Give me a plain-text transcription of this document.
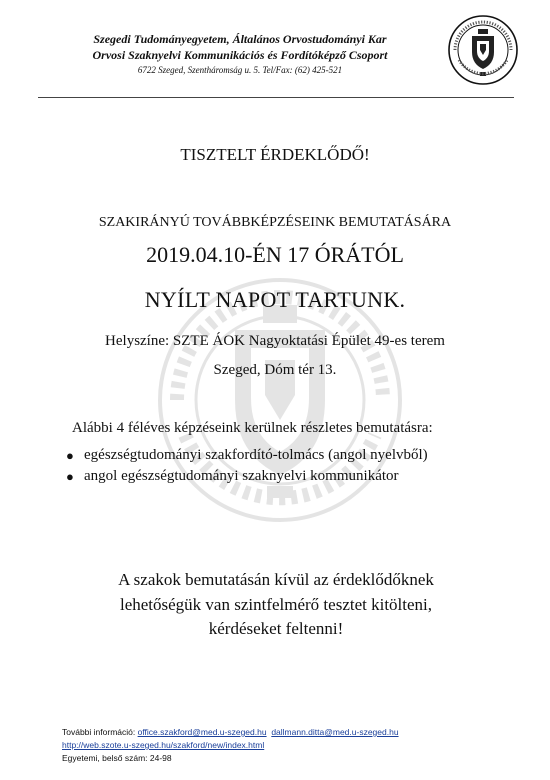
Szegedi Tudományegyetem, Általános Orvostudományi Kar
Orvosi Szaknyelvi Kommunikációs és Fordítóképző Csoport
6722 Szeged, Szentháromság u. 5. Tel/Fax: (62) 425-521
TISZTELT ÉRDEKLŐDŐ!
SZAKIRÁNYÚ TOVÁBBKÉPZÉSEINK BEMUTATÁSÁRA
2019.04.10-ÉN 17 ÓRÁTÓL
NYÍLT NAPOT TARTUNK.
Helyszíne: SZTE ÁOK Nagyoktatási Épület 49-es terem
Szeged, Dóm tér 13.
Alábbi 4 féléves képzéseink kerülnek részletes bemutatásra:
● egészségtudományi szakfordító-tolmács (angol nyelvből)
● angol egészségtudományi szaknyelvi kommunikátor
A szakok bemutatásán kívül az érdeklődőknek
lehetőségük van szintfelmérő tesztet kitölteni,
kérdéseket feltenni!
További információ: office.szakford@med.u-szeged.hu dallmann.ditta@med.u-szeged.hu
http://web.szote.u-szeged.hu/szakford/new/index.html
Egyetemi, belső szám: 24-98
